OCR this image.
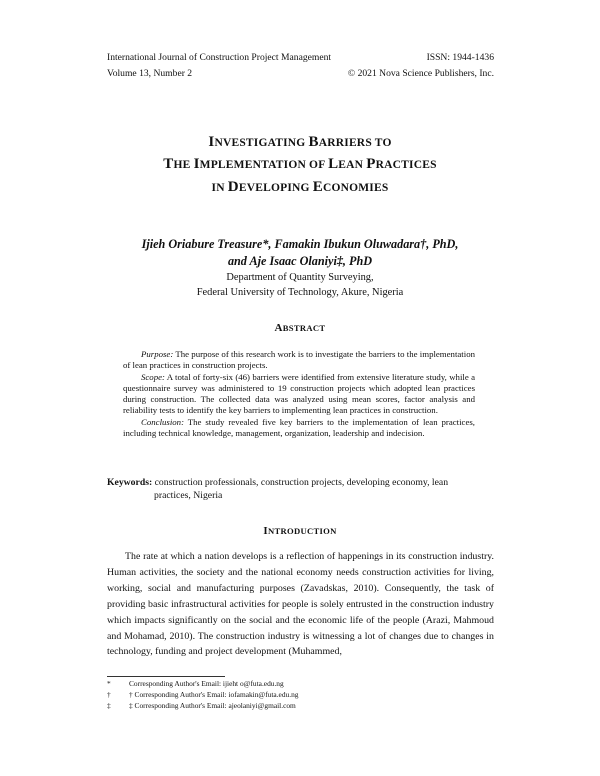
International Journal of Construction Project Management	ISSN: 1944-1436
Volume 13, Number 2	© 2021 Nova Science Publishers, Inc.
INVESTIGATING BARRIERS TO
THE IMPLEMENTATION OF LEAN PRACTICES
IN DEVELOPING ECONOMIES
Ijieh Oriabure Treasure*, Famakin Ibukun Oluwadara†, PhD,
and Aje Isaac Olaniyi‡, PhD
Department of Quantity Surveying,
Federal University of Technology, Akure, Nigeria
ABSTRACT

Purpose: The purpose of this research work is to investigate the barriers to the implementation of lean practices in construction projects.

Scope: A total of forty-six (46) barriers were identified from extensive literature study, while a questionnaire survey was administered to 19 construction projects which adopted lean practices during construction. The collected data was analyzed using mean scores, factor analysis and reliability tests to identify the key barriers to implementing lean practices in construction.

Conclusion: The study revealed five key barriers to the implementation of lean practices, including technical knowledge, management, organization, leadership and indecision.

Keywords: construction professionals, construction projects, developing economy, lean
practices, Nigeria
INTRODUCTION

The rate at which a nation develops is a reflection of happenings in its construction industry. Human activities, the society and the national economy needs construction activities for living, working, social and manufacturing purposes (Zavadskas, 2010). Consequently, the task of providing basic infrastructural activities for people is solely entrusted in the construction industry which impacts significantly on the social and the economic life of the people (Arazi, Mahmoud and Mohamad, 2010). The construction industry is witnessing a lot of changes due to changes in technology, funding and project development (Muhammed,

* Corresponding Author's Email: ijieht o@futa.edu.ng
† † Corresponding Author's Email: iofamakin@futa.edu.ng
‡ ‡ Corresponding Author's Email: ajeolaniyi@gmail.com
